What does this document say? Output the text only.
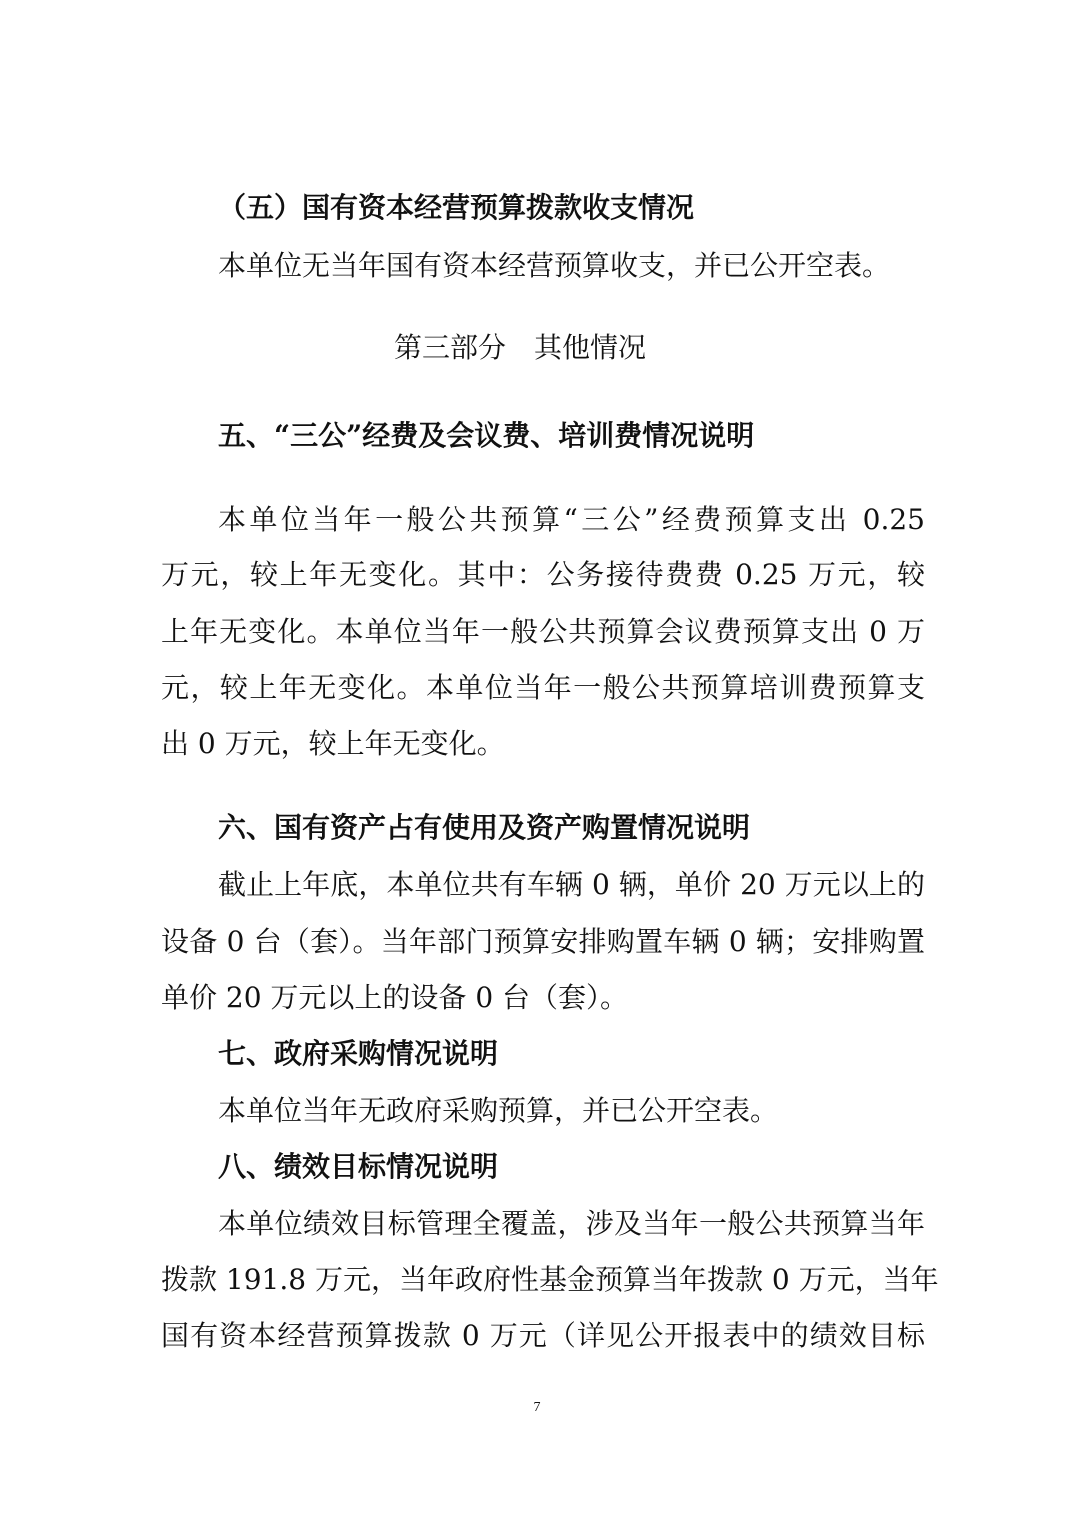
（五）国有资本经营预算拨款收支情况
本单位无当年国有资本经营预算收支，并已公开空表。
第三部分　其他情况
五、“三公”经费及会议费、培训费情况说明
本单位当年一般公共预算“三公”经费预算支出 0.25
万元，较上年无变化。其中：公务接待费费 0.25 万元，较
上年无变化。本单位当年一般公共预算会议费预算支出 0 万
元，较上年无变化。本单位当年一般公共预算培训费预算支
出 0 万元，较上年无变化。
六、国有资产占有使用及资产购置情况说明
截止上年底，本单位共有车辆 0 辆，单价 20 万元以上的
设备 0 台（套）。当年部门预算安排购置车辆 0 辆；安排购置
单价 20 万元以上的设备 0 台（套）。
七、政府采购情况说明
本单位当年无政府采购预算，并已公开空表。
八、绩效目标情况说明
本单位绩效目标管理全覆盖，涉及当年一般公共预算当年
拨款 191.8 万元，当年政府性基金预算当年拨款 0 万元，当年
国有资本经营预算拨款 0 万元（详见公开报表中的绩效目标
7
